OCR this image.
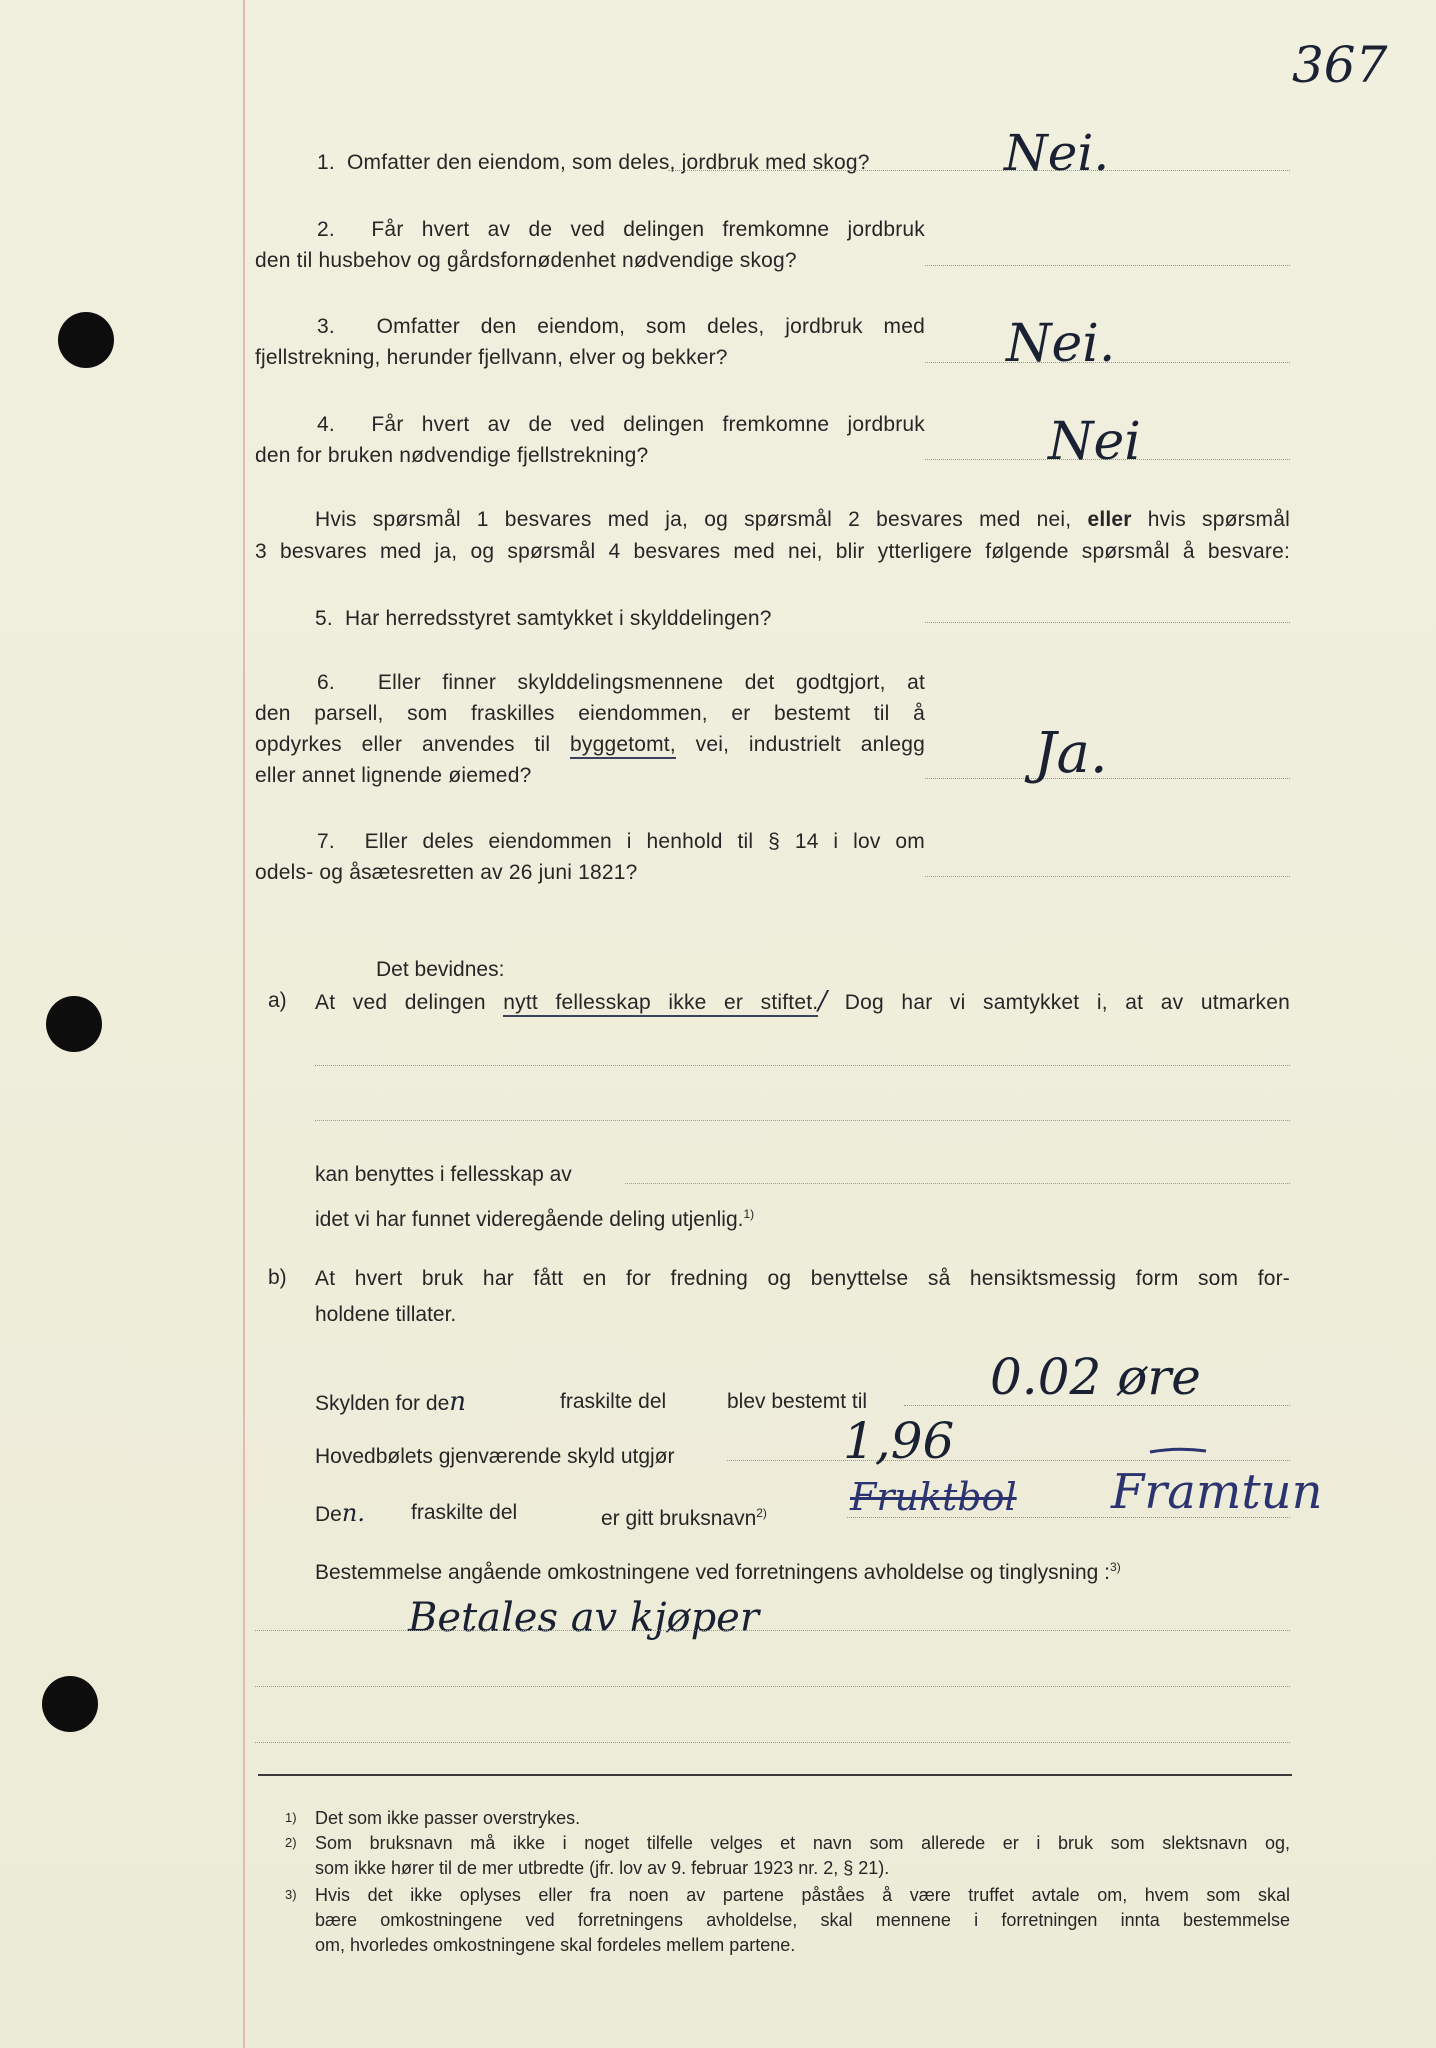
367
1. Omfatter den eiendom, som deles, jordbruk med skog?	Nei.
2. Får hvert av de ved delingen fremkomne jordbruk
den til husbehov og gårdsfornødenhet nødvendige skog?
3. Omfatter den eiendom, som deles, jordbruk med
fjellstrekning, herunder fjellvann, elver og bekker?	Nei.
4. Får hvert av de ved delingen fremkomne jordbruk
den for bruken nødvendige fjellstrekning?	Nei
Hvis spørsmål 1 besvares med ja, og spørsmål 2 besvares med nei, eller hvis spørsmål
3 besvares med ja, og spørsmål 4 besvares med nei, blir ytterligere følgende spørsmål å besvare:
5. Har herredsstyret samtykket i skylddelingen?
6. Eller finner skylddelingsmennene det godtgjort, at
den parsell, som fraskilles eiendommen, er bestemt til å
opdyrkes eller anvendes til byggetomt, vei, industrielt anlegg
eller annet lignende øiemed?	Ja.
7. Eller deles eiendommen i henhold til § 14 i lov om
odels- og åsætesretten av 26 juni 1821?
Det bevidnes:
a) At ved delingen nytt fellesskap ikke er stiftet./ Dog har vi samtykket i, at av utmarken
kan benyttes i fellesskap av
idet vi har funnet videregående deling utjenlig.$^{1)}$
b) At hvert bruk har fått en for fredning og benyttelse så hensiktsmessig form som for-
holdene tillater.
Skylden for den	fraskilte del	blev bestemt til 0.02 øre
Hovedbølets gjenværende skyld utgjør	1,96
Den. fraskilte del	er gitt bruksnavn$^{2)}$ Fruktbol Framtun
Bestemmelse angående omkostningene ved forretningens avholdelse og tinglysning :$^{3)}$
Betales av kjøper
1) Det som ikke passer overstrykes.
2) Som bruksnavn må ikke i noget tilfelle velges et navn som allerede er i bruk som slektsnavn og,
som ikke hører til de mer utbredte (jfr. lov av 9. februar 1923 nr. 2, § 21).
3) Hvis det ikke oplyses eller fra noen av partene påståes å være truffet avtale om, hvem som skal
bære omkostningene ved forretningens avholdelse, skal mennene i forretningen innta bestemmelse
om, hvorledes omkostningene skal fordeles mellem partene.
